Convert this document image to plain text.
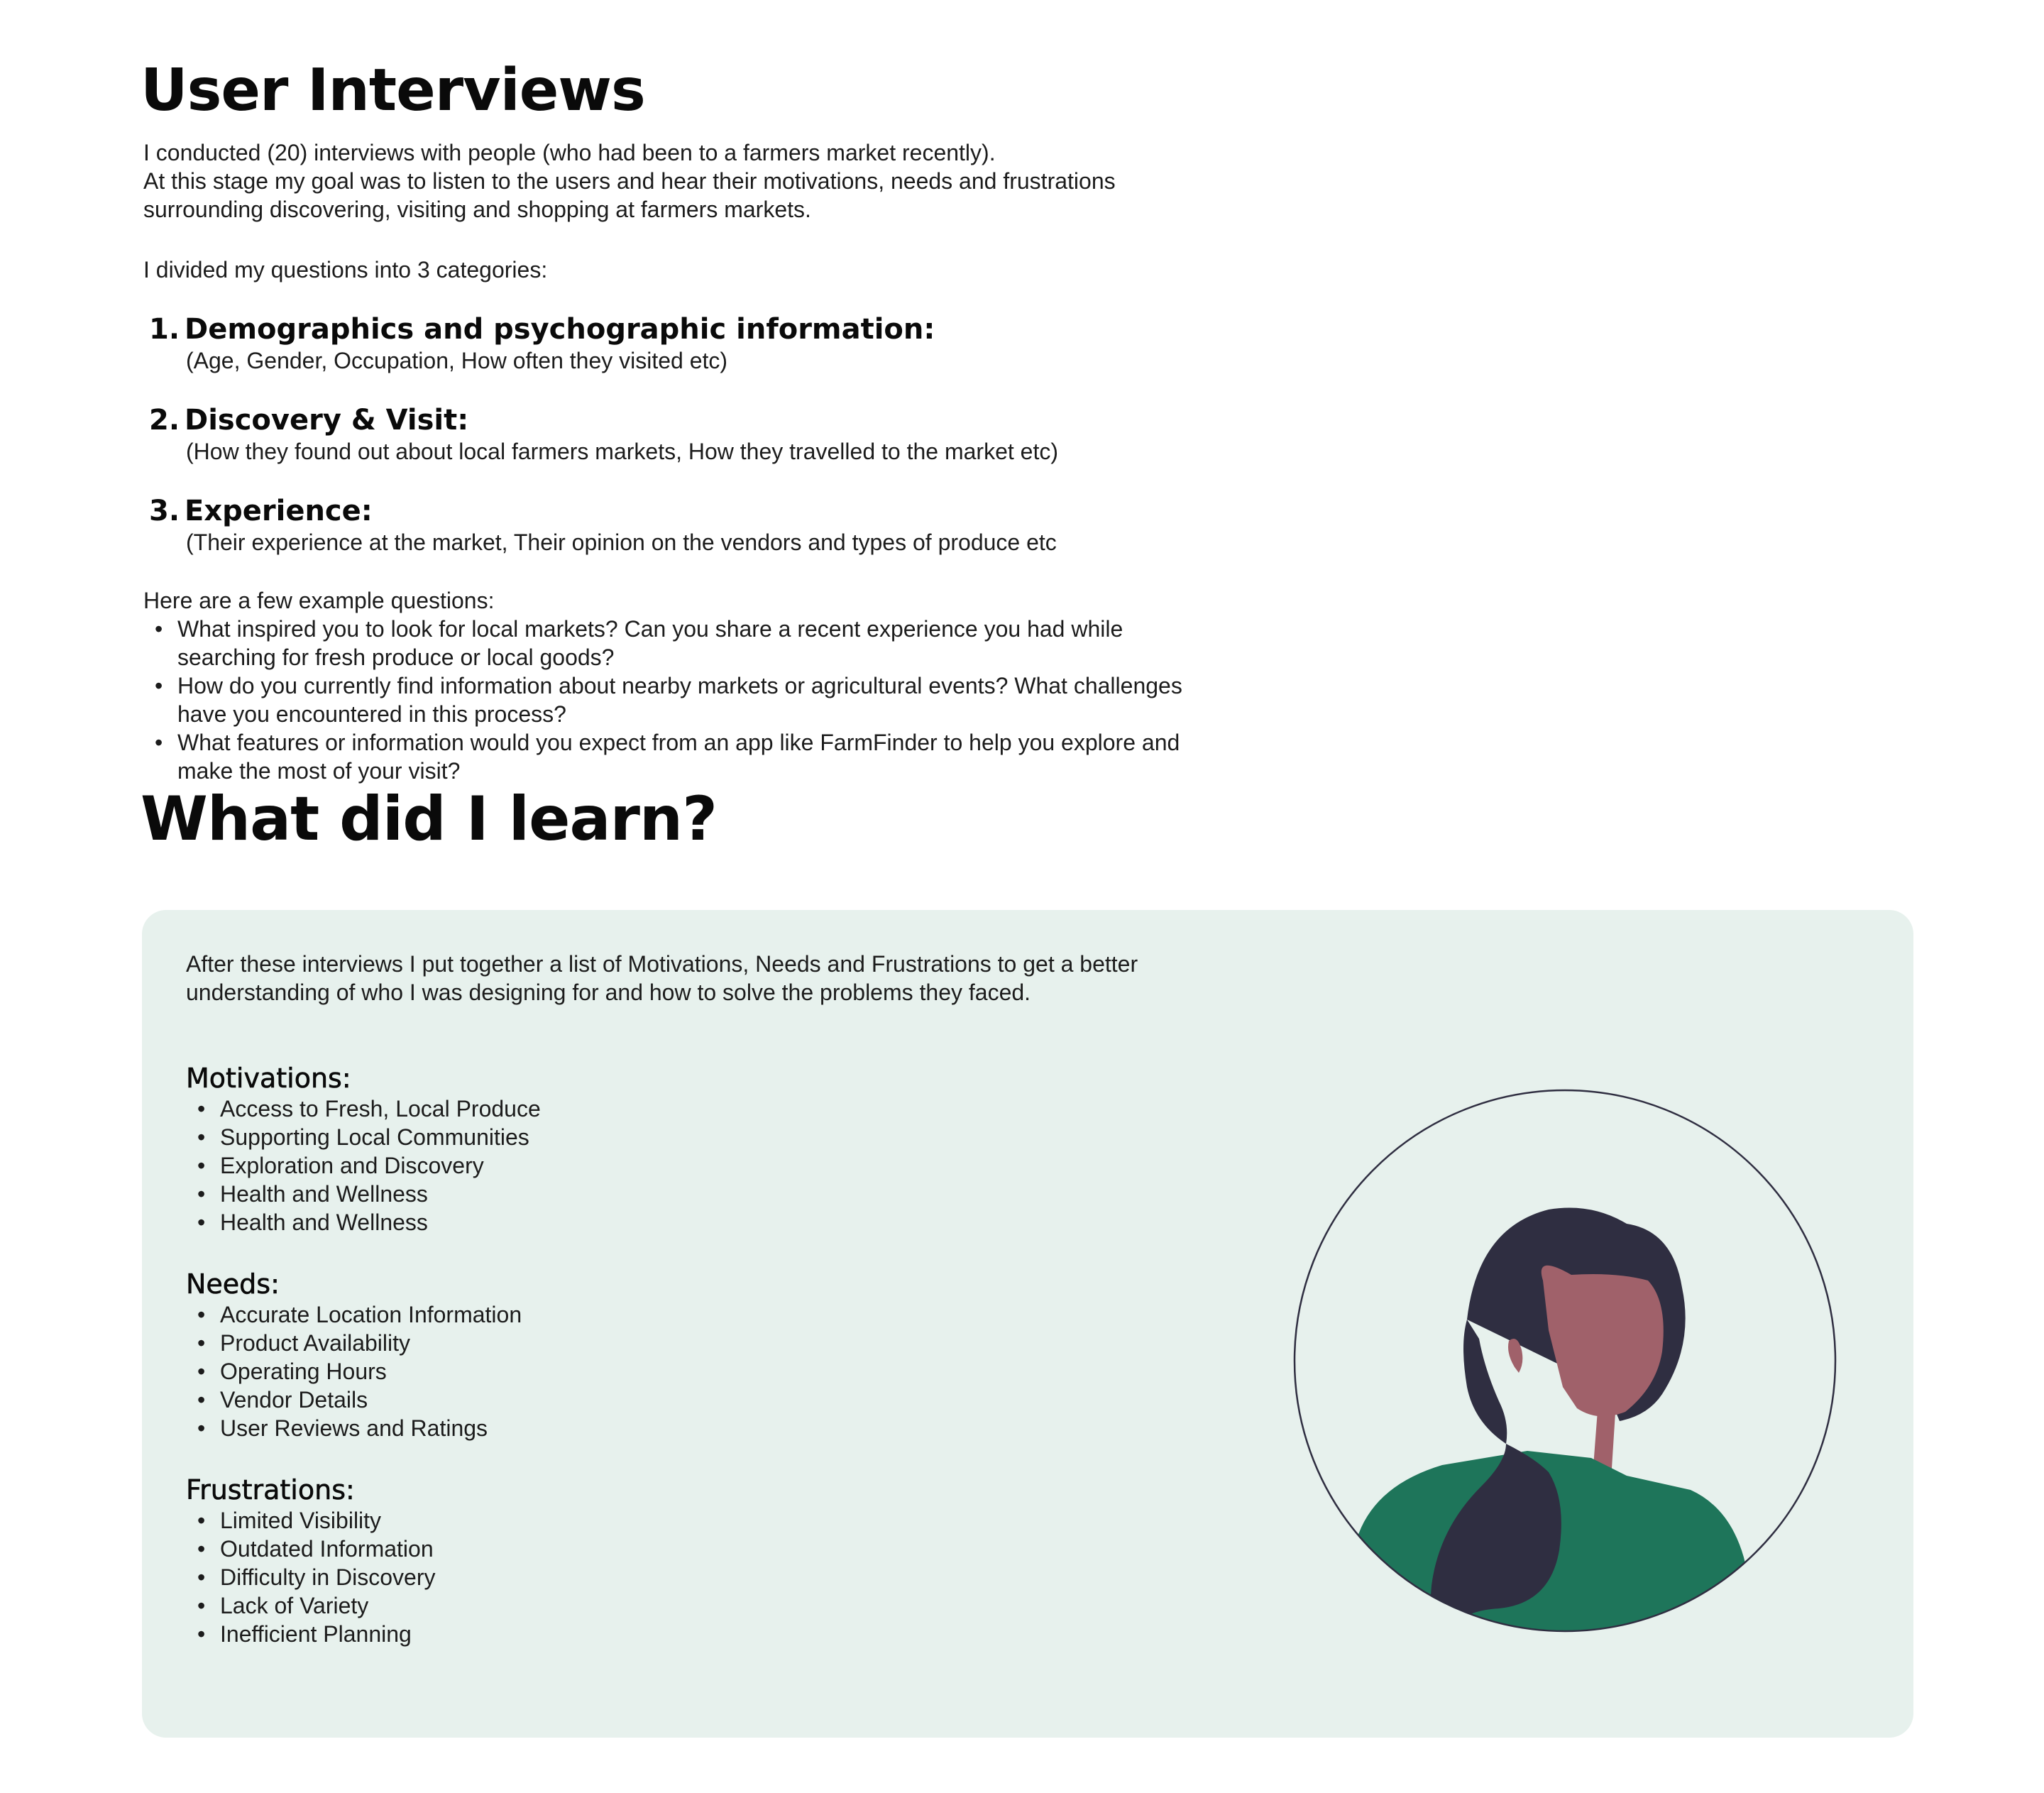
User Interviews

I conducted (20) interviews with people (who had been to a farmers market recently).

At this stage my goal was to listen to the users and hear their motivations, needs and frustrations

surrounding discovering, visiting and shopping at farmers markets.

I divided my questions into 3 categories:

1. Demographics and psychographic information:
(Age, Gender, Occupation, How often they visited etc)
2. Discovery & Visit:
(How they found out about local farmers markets, How they travelled to the market etc)
3. Experience:
(Their experience at the market, Their opinion on the vendors and types of produce etc

Here are a few example questions:

• What inspired you to look for local markets? Can you share a recent experience you had while
searching for fresh produce or local goods?
• How do you currently find information about nearby markets or agricultural events? What challenges
have you encountered in this process?
• What features or information would you expect from an app like FarmFinder to help you explore and
make the most of your visit?
What did I learn?

After these interviews I put together a list of Motivations, Needs and Frustrations to get a better
understanding of who I was designing for and how to solve the problems they faced.

Motivations:
• Access to Fresh, Local Produce
• Supporting Local Communities
• Exploration and Discovery
• Health and Wellness
• Health and Wellness
Needs:
• Accurate Location Information
• Product Availability
• Operating Hours
• Vendor Details
• User Reviews and Ratings
Frustrations:
• Limited Visibility
• Outdated Information
• Difficulty in Discovery
• Lack of Variety
• Inefficient Planning
